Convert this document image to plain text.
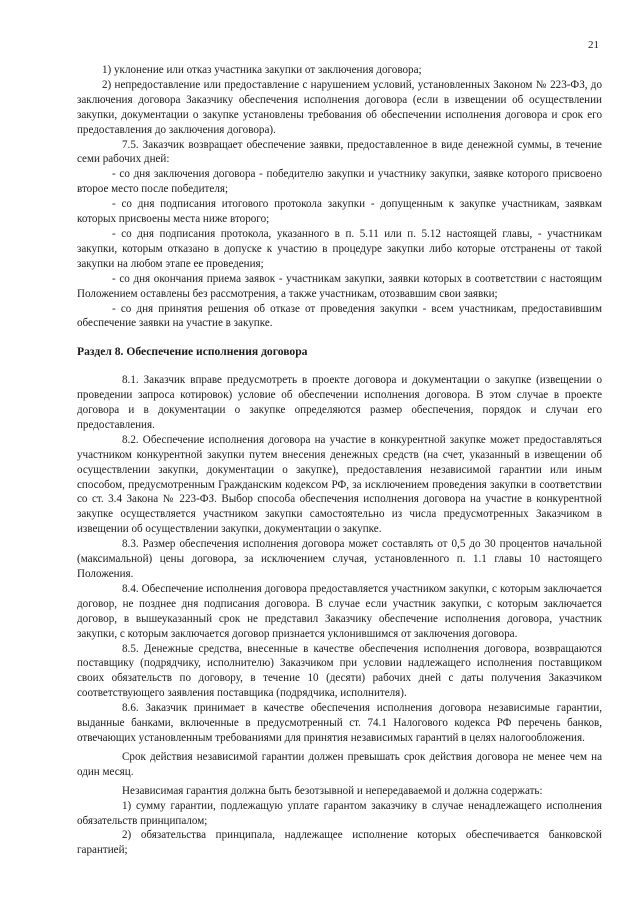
21

1) уклонение или отказ участника закупки от заключения договора;

2) непредоставление или предоставление с нарушением условий, установленных Законом № 223-ФЗ, до заключения договора Заказчику обеспечения исполнения договора (если в извещении об осуществлении закупки, документации о закупке установлены требования об обеспечении исполнения договора и срок его предоставления до заключения договора).

7.5. Заказчик возвращает обеспечение заявки, предоставленное в виде денежной суммы, в течение семи рабочих дней:

- со дня заключения договора - победителю закупки и участнику закупки, заявке которого присвоено второе место после победителя;

- со дня подписания итогового протокола закупки - допущенным к закупке участникам, заявкам которых присвоены места ниже второго;

- со дня подписания протокола, указанного в п. 5.11 или п. 5.12 настоящей главы, - участникам закупки, которым отказано в допуске к участию в процедуре закупки либо которые отстранены от такой закупки на любом этапе ее проведения;

- со дня окончания приема заявок - участникам закупки, заявки которых в соответствии с настоящим Положением оставлены без рассмотрения, а также участникам, отозвавшим свои заявки;

- со дня принятия решения об отказе от проведения закупки - всем участникам, предоставившим обеспечение заявки на участие в закупке.

Раздел 8. Обеспечение исполнения договора

8.1. Заказчик вправе предусмотреть в проекте договора и документации о закупке (извещении о проведении запроса котировок) условие об обеспечении исполнения договора. В этом случае в проекте договора и в документации о закупке определяются размер обеспечения, порядок и случаи его предоставления.

8.2. Обеспечение исполнения договора на участие в конкурентной закупке может предоставляться участником конкурентной закупки путем внесения денежных средств (на счет, указанный в извещении об осуществлении закупки, документации о закупке), предоставления независимой гарантии или иным способом, предусмотренным Гражданским кодексом РФ, за исключением проведения закупки в соответствии со ст. 3.4 Закона № 223-ФЗ. Выбор способа обеспечения исполнения договора на участие в конкурентной закупке осуществляется участником закупки самостоятельно из числа предусмотренных Заказчиком в извещении об осуществлении закупки, документации о закупке.

8.3. Размер обеспечения исполнения договора может составлять от 0,5 до 30 процентов начальной (максимальной) цены договора, за исключением случая, установленного п. 1.1 главы 10 настоящего Положения.

8.4. Обеспечение исполнения договора предоставляется участником закупки, с которым заключается договор, не позднее дня подписания договора. В случае если участник закупки, с которым заключается договор, в вышеуказанный срок не представил Заказчику обеспечение исполнения договора, участник закупки, с которым заключается договор признается уклонившимся от заключения договора.

8.5. Денежные средства, внесенные в качестве обеспечения исполнения договора, возвращаются поставщику (подрядчику, исполнителю) Заказчиком при условии надлежащего исполнения поставщиком своих обязательств по договору, в течение 10 (десяти) рабочих дней с даты получения Заказчиком соответствующего заявления поставщика (подрядчика, исполнителя).

8.6. Заказчик принимает в качестве обеспечения исполнения договора независимые гарантии, выданные банками, включенные в предусмотренный ст. 74.1 Налогового кодекса РФ перечень банков, отвечающих установленным требованиями для принятия независимых гарантий в целях налогообложения.

Срок действия независимой гарантии должен превышать срок действия договора не менее чем на один месяц.

Независимая гарантия должна быть безотзывной и непередаваемой и должна содержать:

1) сумму гарантии, подлежащую уплате гарантом заказчику в случае ненадлежащего исполнения обязательств принципалом;

2) обязательства принципала, надлежащее исполнение которых обеспечивается банковской гарантией;
